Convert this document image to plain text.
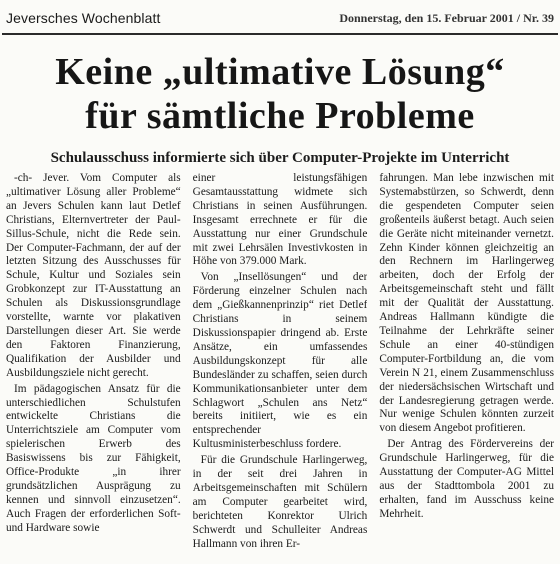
Jeversches Wochenblatt	Donnerstag, den 15. Februar 2001 / Nr. 39
Keine „ultimative Lösung“
für sämtliche Probleme
Schulausschuss informierte sich über Computer-Projekte im Unterricht

-ch- Jever. Vom Computer als „ultimativer Lösung aller Probleme“ an Jevers Schulen kann laut Detlef Christians, Elternvertreter der Paul-Sillus-Schule, nicht die Rede sein. Der Computer-Fachmann, der auf der letzten Sitzung des Ausschusses für Schule, Kultur und Soziales sein Grobkonzept zur IT-Ausstattung an Schulen als Diskussionsgrundlage vorstellte, warnte vor plakativen Darstellungen dieser Art. Sie werde den Faktoren Finanzierung, Qualifikation der Ausbilder und Ausbildungsziele nicht gerecht.

Im pädagogischen Ansatz für die unterschiedlichen Schulstufen entwickelte Christians die Unterrichtsziele am Computer vom spielerischen Erwerb des Basiswissens bis zur Fähigkeit, Office-Produkte „in ihrer grundsätzlichen Ausprägung zu kennen und sinnvoll einzusetzen“. Auch Fragen der erforderlichen Soft- und Hardware sowie

einer leistungsfähigen Gesamtausstattung widmete sich Christians in seinen Ausführungen. Insgesamt errechnete er für die Ausstattung nur einer Grundschule mit zwei Lehrsälen Investivkosten in Höhe von 379.000 Mark.

Von „Insellösungen“ und der Förderung einzelner Schulen nach dem „Gießkannenprinzip“ riet Detlef Christians in seinem Diskussionspapier dringend ab. Erste Ansätze, ein umfassendes Ausbildungskonzept für alle Bundesländer zu schaffen, seien durch Kommunikationsanbieter unter dem Schlagwort „Schulen ans Netz“ bereits initiiert, wie es ein entsprechender Kultusministerbeschluss fordere.

Für die Grundschule Harlingerweg, in der seit drei Jahren in Arbeitsgemeinschaften mit Schülern am Computer gearbeitet wird, berichteten Konrektor Ulrich Schwerdt und Schulleiter Andreas Hallmann von ihren Er-

fahrungen. Man lebe inzwischen mit Systemabstürzen, so Schwerdt, denn die gespendeten Computer seien großenteils äußerst betagt. Auch seien die Geräte nicht miteinander vernetzt. Zehn Kinder können gleichzeitig an den Rechnern im Harlingerweg arbeiten, doch der Erfolg der Arbeitsgemeinschaft steht und fällt mit der Qualität der Ausstattung. Andreas Hallmann kündigte die Teilnahme der Lehrkräfte seiner Schule an einer 40-stündigen Computer-Fortbildung an, die vom Verein N 21, einem Zusammenschluss der niedersächsischen Wirtschaft und der Landesregierung getragen werde. Nur wenige Schulen könnten zurzeit von diesem Angebot profitieren.

Der Antrag des Fördervereins der Grundschule Harlingerweg, für die Ausstattung der Computer-AG Mittel aus der Stadttombola 2001 zu erhalten, fand im Ausschuss keine Mehrheit.
